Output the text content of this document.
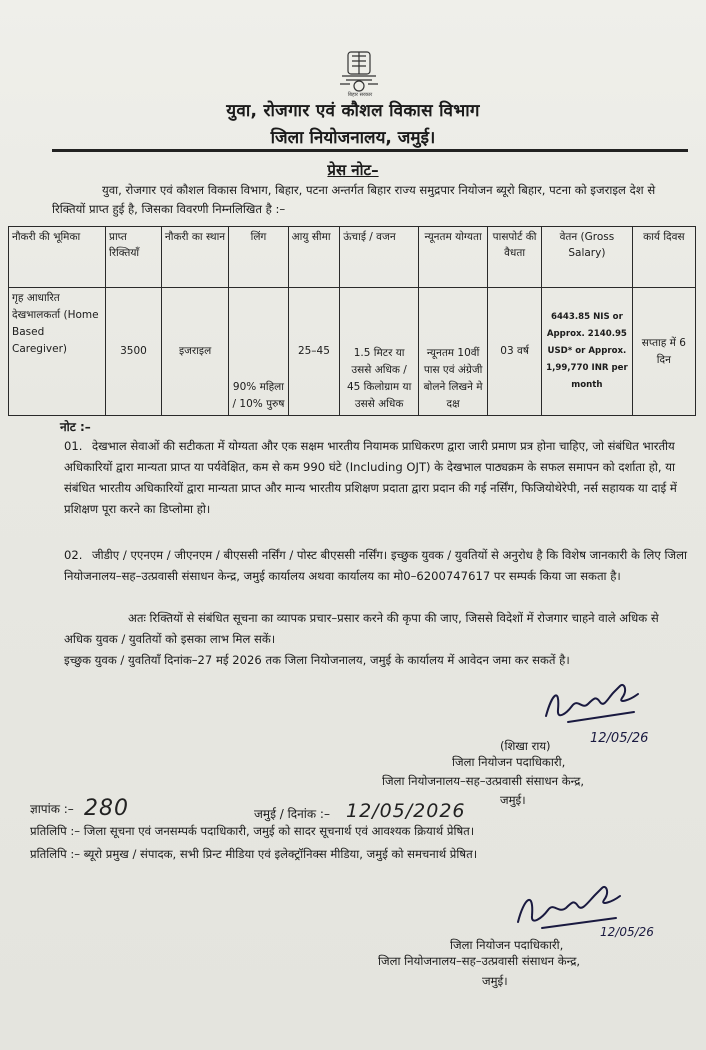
बिहार सरकार
युवा, रोजगार एवं कौशल विकास विभाग
जिला नियोजनालय, जमुई।
प्रेस नोट–
युवा, रोजगार एवं कौशल विकास विभाग, बिहार, पटना अन्तर्गत बिहार राज्य समुद्रपार नियोजन ब्यूरो बिहार, पटना को इजराइल देश से रिक्तियों प्राप्त हुई है, जिसका विवरणी निम्नलिखित है :–
नौकरी की भूमिका	प्राप्त रिक्तियाँ	नौकरी का स्थान	लिंग	आयु सीमा	ऊंचाई / वजन	न्यूनतम योग्यता	पासपोर्ट की वैधता	वेतन (Gross Salary)	कार्य दिवस
गृह आधारित देखभालकर्ता (Home Based Caregiver)	3500	इजराइल	90% महिला / 10% पुरुष	25–45	1.5 मिटर या उससे अधिक / 45 किलोग्राम या उससे अधिक	न्यूनतम 10वीं पास एवं अंग्रेजी बोलने लिखने मे दक्ष	03 वर्ष	6443.85 NIS or Approx. 2140.95 USD* or Approx. 1,99,770 INR per month	सप्ताह में 6 दिन
नोट :–
01. देखभाल सेवाओं की सटीकता में योग्यता और एक सक्षम भारतीय नियामक प्राधिकरण द्वारा जारी प्रमाण प्रत्र होना चाहिए, जो संबंधित भारतीय अधिकारियों द्वारा मान्यता प्राप्त या पर्यवेक्षित, कम से कम 990 घंटे (Including OJT) के देखभाल पाठ्यक्रम के सफल समापन को दर्शाता हो, या संबंधित भारतीय अधिकारियों द्वारा मान्यता प्राप्त और मान्य भारतीय प्रशिक्षण प्रदाता द्वारा प्रदान की गई नर्सिंग, फिजियोथेरेपी, नर्स सहायक या दाई में प्रशिक्षण पूरा करने का डिप्लोमा हो।
02. जीडीए / एएनएम / जीएनएम / बीएससी नर्सिंग / पोस्ट बीएससी नर्सिंग। इच्छुक युवक / युवतियों से अनुरोध है कि विशेष जानकारी के लिए जिला नियोजनालय–सह–उत्प्रवासी संसाधन केन्द्र, जमुई कार्यालय अथवा कार्यालय का मो0–6200747617 पर सम्पर्क किया जा सकता है।
अतः रिक्तियों से संबंधित सूचना का व्यापक प्रचार–प्रसार करने की कृपा की जाए, जिससे विदेशों में रोजगार चाहने वाले अधिक से अधिक युवक / युवतियों को इसका लाभ मिल सकें।
इच्छुक युवक / युवतियाँ दिनांक–27 मई 2026 तक जिला नियोजनालय, जमुई के कार्यालय में आवेदन जमा कर सकतें है।
12/05/26
(शिखा राय)
जिला नियोजन पदाधिकारी,
जिला नियोजनालय–सह–उत्प्रवासी संसाधन केन्द्र,
जमुई।
ज्ञापांक :– 280	जमुई / दिनांक :– 12/05/2026
प्रतिलिपि :– जिला सूचना एवं जनसम्पर्क पदाधिकारी, जमुई को सादर सूचनार्थ एवं आवश्यक क्रियार्थ प्रेषित।
प्रतिलिपि :– ब्यूरो प्रमुख / संपादक, सभी प्रिन्ट मीडिया एवं इलेक्ट्रॉनिक्स मीडिया, जमुई को समचनार्थ प्रेषित।
12/05/26
जिला नियोजन पदाधिकारी,
जिला नियोजनालय–सह–उत्प्रवासी संसाधन केन्द्र,
जमुई।
